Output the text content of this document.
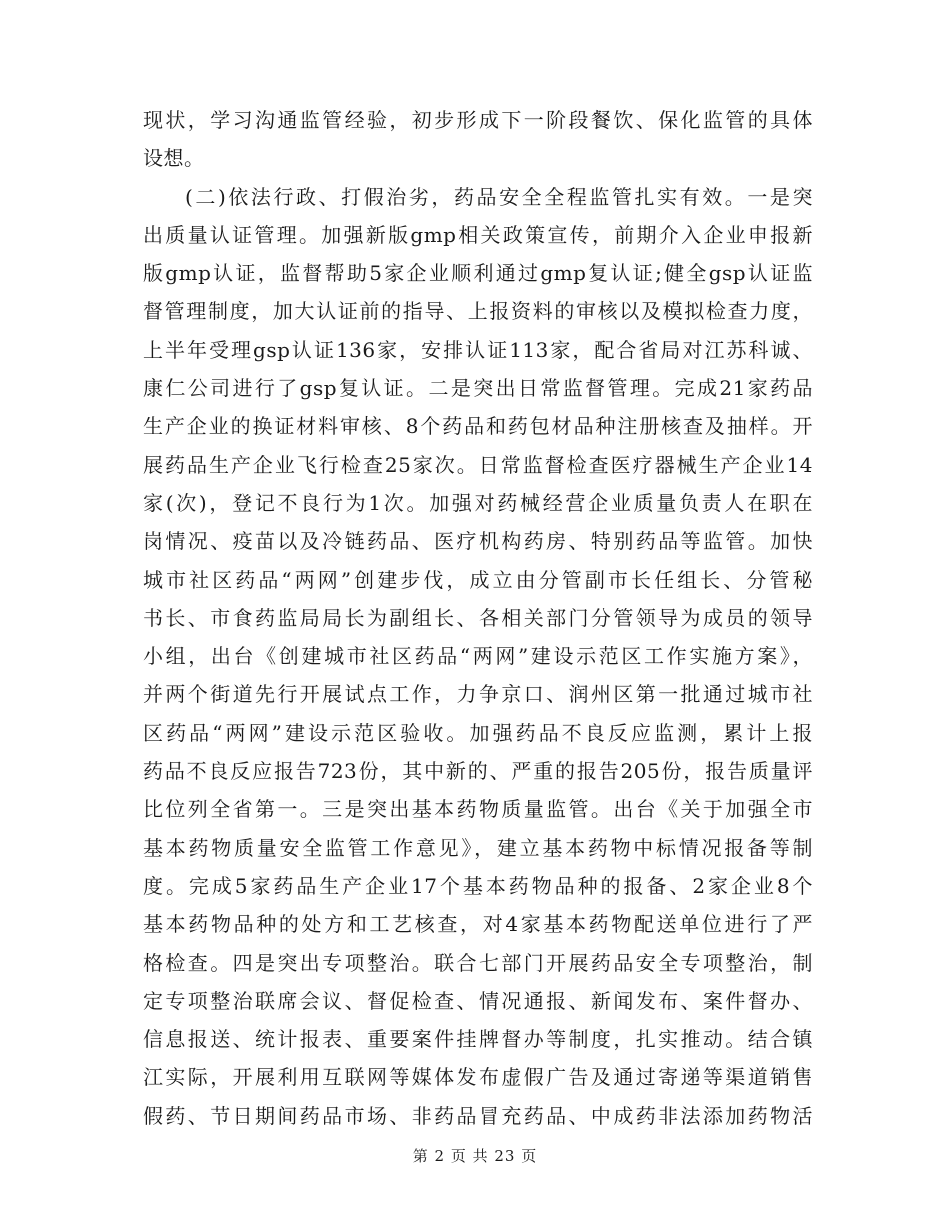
现状，学习沟通监管经验，初步形成下一阶段餐饮、保化监管的具体
设想。
(二)依法行政、打假治劣，药品安全全程监管扎实有效。一是突
出质量认证管理。加强新版gmp相关政策宣传，前期介入企业申报新
版gmp认证，监督帮助5家企业顺利通过gmp复认证;健全gsp认证监
督管理制度，加大认证前的指导、上报资料的审核以及模拟检查力度，
上半年受理gsp认证136家，安排认证113家，配合省局对江苏科诚、
康仁公司进行了gsp复认证。二是突出日常监督管理。完成21家药品
生产企业的换证材料审核、8个药品和药包材品种注册核查及抽样。开
展药品生产企业飞行检查25家次。日常监督检查医疗器械生产企业14
家(次)，登记不良行为1次。加强对药械经营企业质量负责人在职在
岗情况、疫苗以及冷链药品、医疗机构药房、特别药品等监管。加快
城市社区药品“两网”创建步伐，成立由分管副市长任组长、分管秘
书长、市食药监局局长为副组长、各相关部门分管领导为成员的领导
小组，出台《创建城市社区药品“两网”建设示范区工作实施方案》，
并两个街道先行开展试点工作，力争京口、润州区第一批通过城市社
区药品“两网”建设示范区验收。加强药品不良反应监测，累计上报
药品不良反应报告723份，其中新的、严重的报告205份，报告质量评
比位列全省第一。三是突出基本药物质量监管。出台《关于加强全市
基本药物质量安全监管工作意见》，建立基本药物中标情况报备等制
度。完成5家药品生产企业17个基本药物品种的报备、2家企业8个
基本药物品种的处方和工艺核查，对4家基本药物配送单位进行了严
格检查。四是突出专项整治。联合七部门开展药品安全专项整治，制
定专项整治联席会议、督促检查、情况通报、新闻发布、案件督办、
信息报送、统计报表、重要案件挂牌督办等制度，扎实推动。结合镇
江实际，开展利用互联网等媒体发布虚假广告及通过寄递等渠道销售
假药、节日期间药品市场、非药品冒充药品、中成药非法添加药物活
第 2 页 共 23 页
